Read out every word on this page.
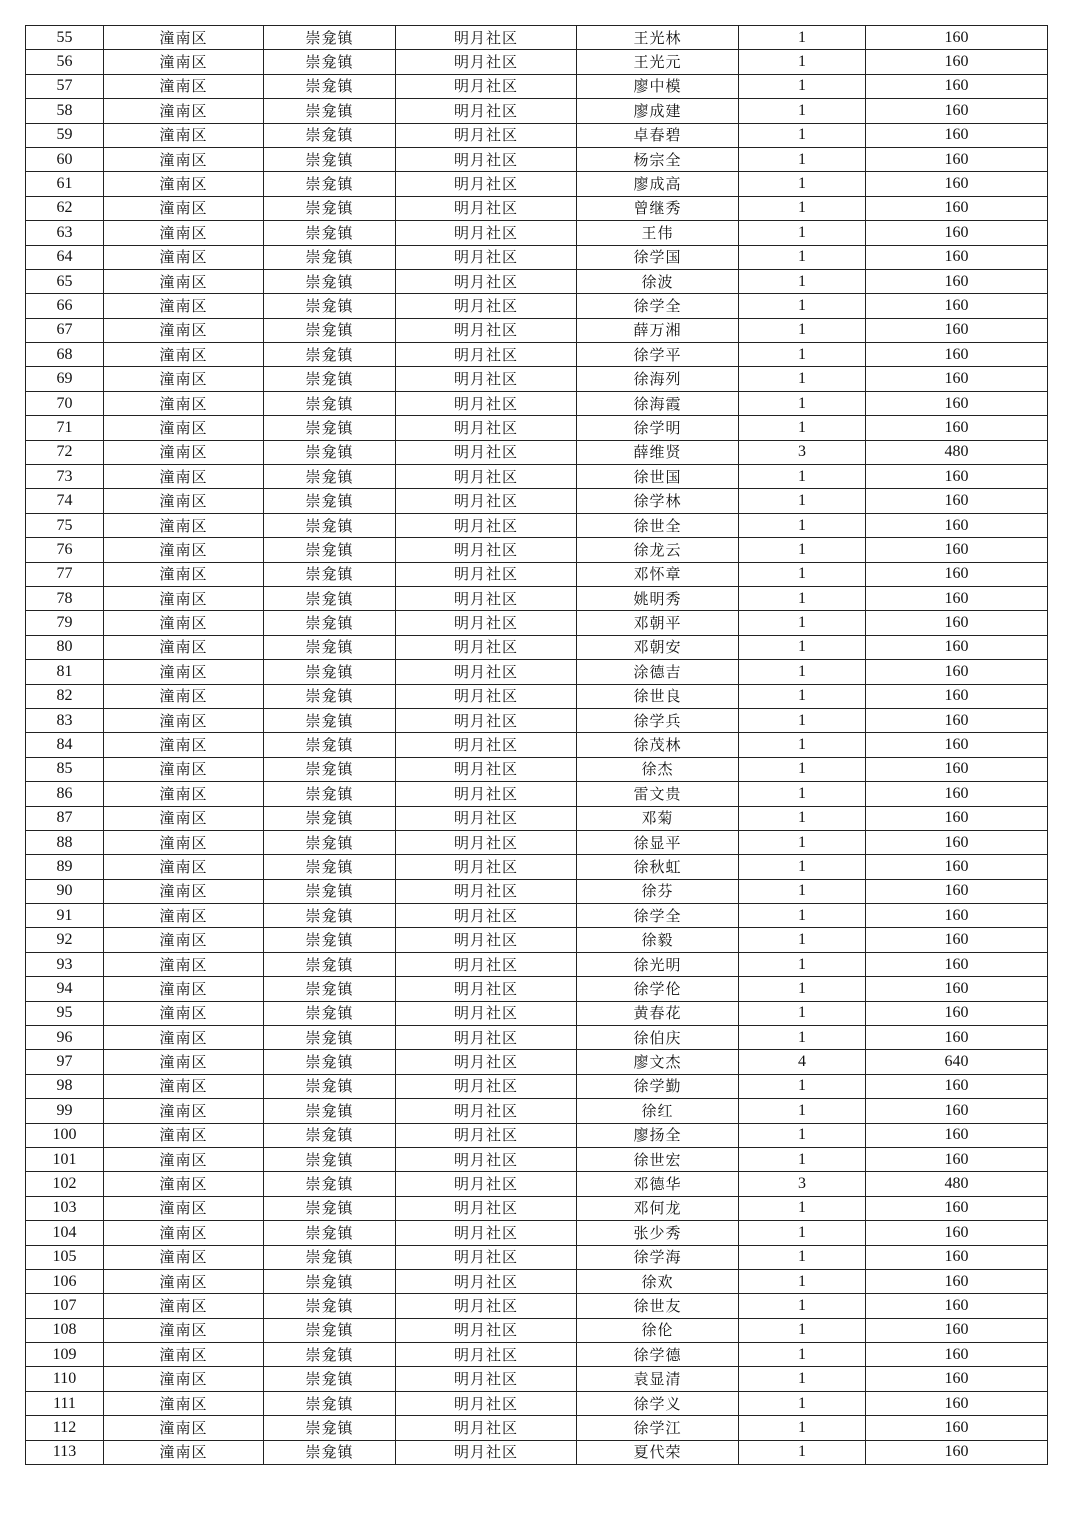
55	潼南区	崇龛镇	明月社区	王光林	1	160
56	潼南区	崇龛镇	明月社区	王光元	1	160
57	潼南区	崇龛镇	明月社区	廖中模	1	160
58	潼南区	崇龛镇	明月社区	廖成建	1	160
59	潼南区	崇龛镇	明月社区	卓春碧	1	160
60	潼南区	崇龛镇	明月社区	杨宗全	1	160
61	潼南区	崇龛镇	明月社区	廖成高	1	160
62	潼南区	崇龛镇	明月社区	曾继秀	1	160
63	潼南区	崇龛镇	明月社区	王伟	1	160
64	潼南区	崇龛镇	明月社区	徐学国	1	160
65	潼南区	崇龛镇	明月社区	徐波	1	160
66	潼南区	崇龛镇	明月社区	徐学全	1	160
67	潼南区	崇龛镇	明月社区	薛万湘	1	160
68	潼南区	崇龛镇	明月社区	徐学平	1	160
69	潼南区	崇龛镇	明月社区	徐海列	1	160
70	潼南区	崇龛镇	明月社区	徐海霞	1	160
71	潼南区	崇龛镇	明月社区	徐学明	1	160
72	潼南区	崇龛镇	明月社区	薛维贤	3	480
73	潼南区	崇龛镇	明月社区	徐世国	1	160
74	潼南区	崇龛镇	明月社区	徐学林	1	160
75	潼南区	崇龛镇	明月社区	徐世全	1	160
76	潼南区	崇龛镇	明月社区	徐龙云	1	160
77	潼南区	崇龛镇	明月社区	邓怀章	1	160
78	潼南区	崇龛镇	明月社区	姚明秀	1	160
79	潼南区	崇龛镇	明月社区	邓朝平	1	160
80	潼南区	崇龛镇	明月社区	邓朝安	1	160
81	潼南区	崇龛镇	明月社区	涂德吉	1	160
82	潼南区	崇龛镇	明月社区	徐世良	1	160
83	潼南区	崇龛镇	明月社区	徐学兵	1	160
84	潼南区	崇龛镇	明月社区	徐茂林	1	160
85	潼南区	崇龛镇	明月社区	徐杰	1	160
86	潼南区	崇龛镇	明月社区	雷文贵	1	160
87	潼南区	崇龛镇	明月社区	邓菊	1	160
88	潼南区	崇龛镇	明月社区	徐显平	1	160
89	潼南区	崇龛镇	明月社区	徐秋虹	1	160
90	潼南区	崇龛镇	明月社区	徐芬	1	160
91	潼南区	崇龛镇	明月社区	徐学全	1	160
92	潼南区	崇龛镇	明月社区	徐毅	1	160
93	潼南区	崇龛镇	明月社区	徐光明	1	160
94	潼南区	崇龛镇	明月社区	徐学伦	1	160
95	潼南区	崇龛镇	明月社区	黄春花	1	160
96	潼南区	崇龛镇	明月社区	徐伯庆	1	160
97	潼南区	崇龛镇	明月社区	廖文杰	4	640
98	潼南区	崇龛镇	明月社区	徐学勤	1	160
99	潼南区	崇龛镇	明月社区	徐红	1	160
100	潼南区	崇龛镇	明月社区	廖扬全	1	160
101	潼南区	崇龛镇	明月社区	徐世宏	1	160
102	潼南区	崇龛镇	明月社区	邓德华	3	480
103	潼南区	崇龛镇	明月社区	邓何龙	1	160
104	潼南区	崇龛镇	明月社区	张少秀	1	160
105	潼南区	崇龛镇	明月社区	徐学海	1	160
106	潼南区	崇龛镇	明月社区	徐欢	1	160
107	潼南区	崇龛镇	明月社区	徐世友	1	160
108	潼南区	崇龛镇	明月社区	徐伦	1	160
109	潼南区	崇龛镇	明月社区	徐学德	1	160
110	潼南区	崇龛镇	明月社区	袁显清	1	160
111	潼南区	崇龛镇	明月社区	徐学义	1	160
112	潼南区	崇龛镇	明月社区	徐学江	1	160
113	潼南区	崇龛镇	明月社区	夏代荣	1	160
